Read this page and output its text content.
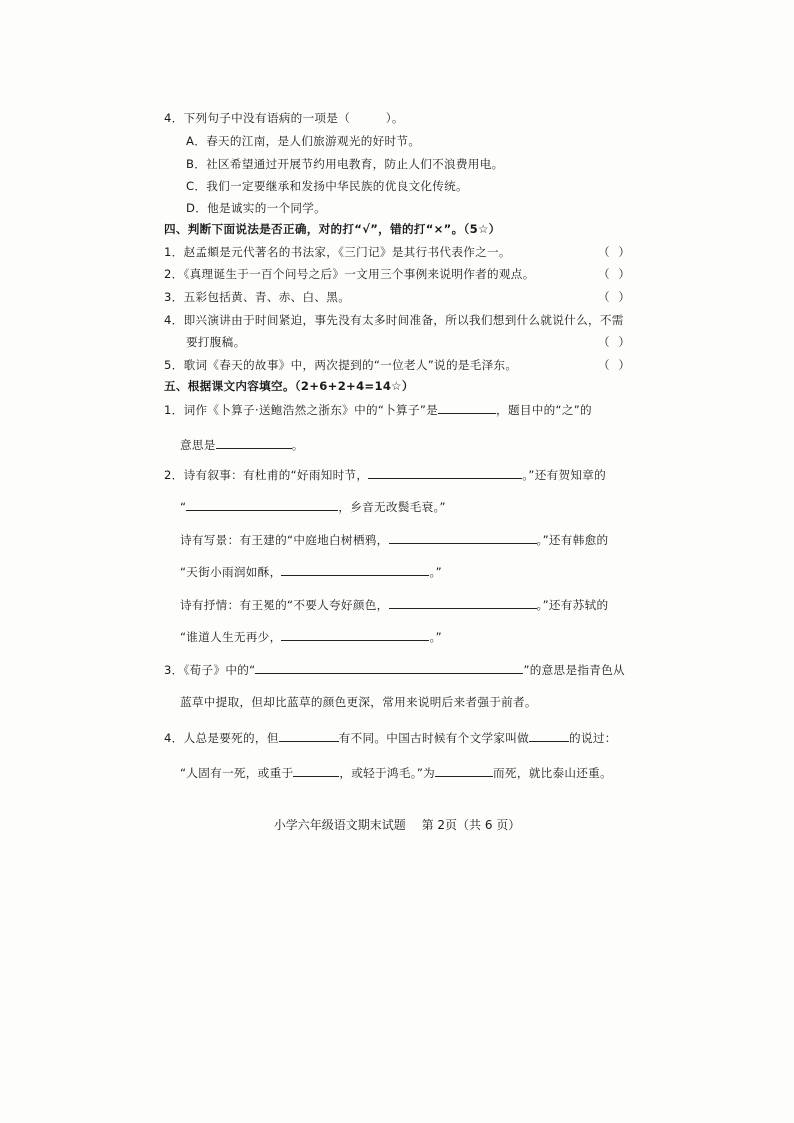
4．下列句子中没有语病的一项是（　　　）。
A．春天的江南，是人们旅游观光的好时节。
B．社区希望通过开展节约用电教育，防止人们不浪费用电。
C．我们一定要继承和发扬中华民族的优良文化传统。
D．他是诚实的一个同学。
四、判断下面说法是否正确，对的打“√”，错的打“×”。（5☆）
1．赵孟頫是元代著名的书法家，《三门记》是其行书代表作之一。	（ ）
2．《真理诞生于一百个问号之后》一文用三个事例来说明作者的观点。	（ ）
3．五彩包括黄、青、赤、白、黑。	（ ）
4．即兴演讲由于时间紧迫，事先没有太多时间准备，所以我们想到什么就说什么，不需
要打腹稿。	（ ）
5．歌词《春天的故事》中，两次提到的“一位老人”说的是毛泽东。	（ ）
五、根据课文内容填空。（2+6+2+4=14☆）
1．词作《卜算子·送鲍浩然之浙东》中的“卜算子”是	，题目中的“之”的
意思是	。
2．诗有叙事：有杜甫的“好雨知时节，	。”还有贺知章的
“	，乡音无改鬓毛衰。”
诗有写景：有王建的“中庭地白树栖鸦，	。”还有韩愈的
“天街小雨润如酥，	。”
诗有抒情：有王冕的“不要人夸好颜色，	。”还有苏轼的
“谁道人生无再少，	。”
3．《荀子》中的“	”的意思是指青色从
蓝草中提取，但却比蓝草的颜色更深，常用来说明后来者强于前者。
4．人总是要死的，但	有不同。中国古时候有个文学家叫做	的说过：
“人固有一死，或重于	，或轻于鸿毛。”为	而死，就比泰山还重。
小学六年级语文期末试题 第 2页（共 6 页）
